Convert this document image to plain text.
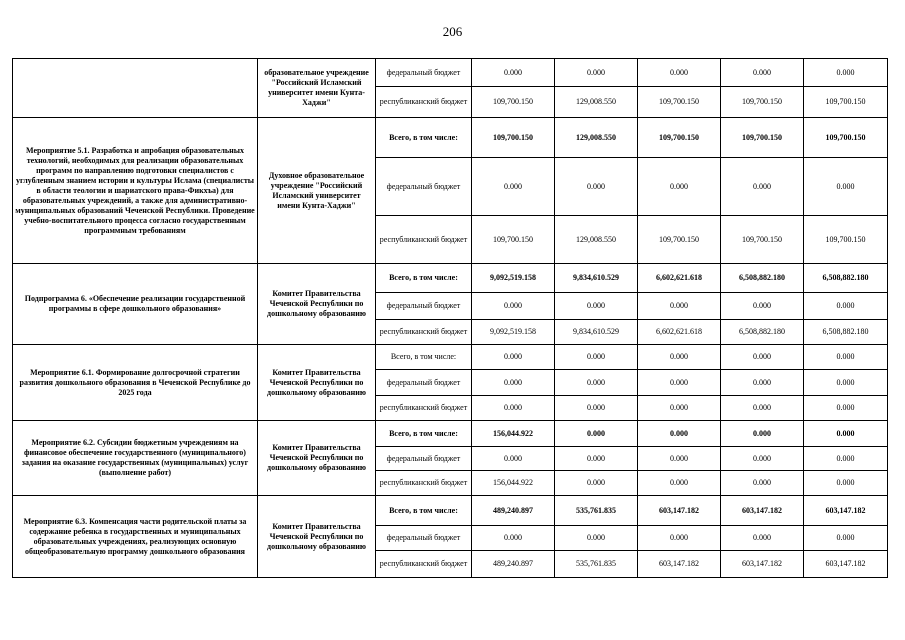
206
	образовательное учреждение "Российский Исламский университет имени Кунта-Хаджи"	федеральный бюджет	0.000	0.000	0.000	0.000	0.000
		республиканский бюджет	109,700.150	129,008.550	109,700.150	109,700.150	109,700.150
Мероприятие 5.1. Разработка и апробация образовательных технологий, необходимых для реализации образовательных программ по направлению подготовки специалистов с углубленным знанием истории и культуры Ислама (специалисты в области теологии и шариатского права-Фикхъа) для образовательных учреждений, а также для административно-муниципальных образований Чеченской Республики. Проведение учебно-воспитательного процесса согласно государственным программным требованиям	Духовное образовательное учреждение "Российский Исламский университет имени Кунта-Хаджи"	Всего, в том числе:	109,700.150	129,008.550	109,700.150	109,700.150	109,700.150
		федеральный бюджет	0.000	0.000	0.000	0.000	0.000
		республиканский бюджет	109,700.150	129,008.550	109,700.150	109,700.150	109,700.150
Подпрограмма 6. «Обеспечение реализации государственной программы в сфере дошкольного образования»	Комитет Правительства Чеченской Республики по дошкольному образованию	Всего, в том числе:	9,092,519.158	9,834,610.529	6,602,621.618	6,508,882.180	6,508,882.180
		федеральный бюджет	0.000	0.000	0.000	0.000	0.000
		республиканский бюджет	9,092,519.158	9,834,610.529	6,602,621.618	6,508,882.180	6,508,882.180
Мероприятие 6.1. Формирование долгосрочной стратегии развития дошкольного образования в Чеченской Республике до 2025 года	Комитет Правительства Чеченской Республики по дошкольному образованию	Всего, в том числе:	0.000	0.000	0.000	0.000	0.000
		федеральный бюджет	0.000	0.000	0.000	0.000	0.000
		республиканский бюджет	0.000	0.000	0.000	0.000	0.000
Мероприятие 6.2. Субсидии бюджетным учреждениям на финансовое обеспечение государственного (муниципального) задания на оказание государственных (муниципальных) услуг (выполнение работ)	Комитет Правительства Чеченской Республики по дошкольному образованию	Всего, в том числе:	156,044.922	0.000	0.000	0.000	0.000
		федеральный бюджет	0.000	0.000	0.000	0.000	0.000
		республиканский бюджет	156,044.922	0.000	0.000	0.000	0.000
Мероприятие 6.3. Компенсация части родительской платы за содержание ребенка в государственных и муниципальных образовательных учреждениях, реализующих основную общеобразовательную программу дошкольного образования	Комитет Правительства Чеченской Республики по дошкольному образованию	Всего, в том числе:	489,240.897	535,761.835	603,147.182	603,147.182	603,147.182
		федеральный бюджет	0.000	0.000	0.000	0.000	0.000
		республиканский бюджет	489,240.897	535,761.835	603,147.182	603,147.182	603,147.182
